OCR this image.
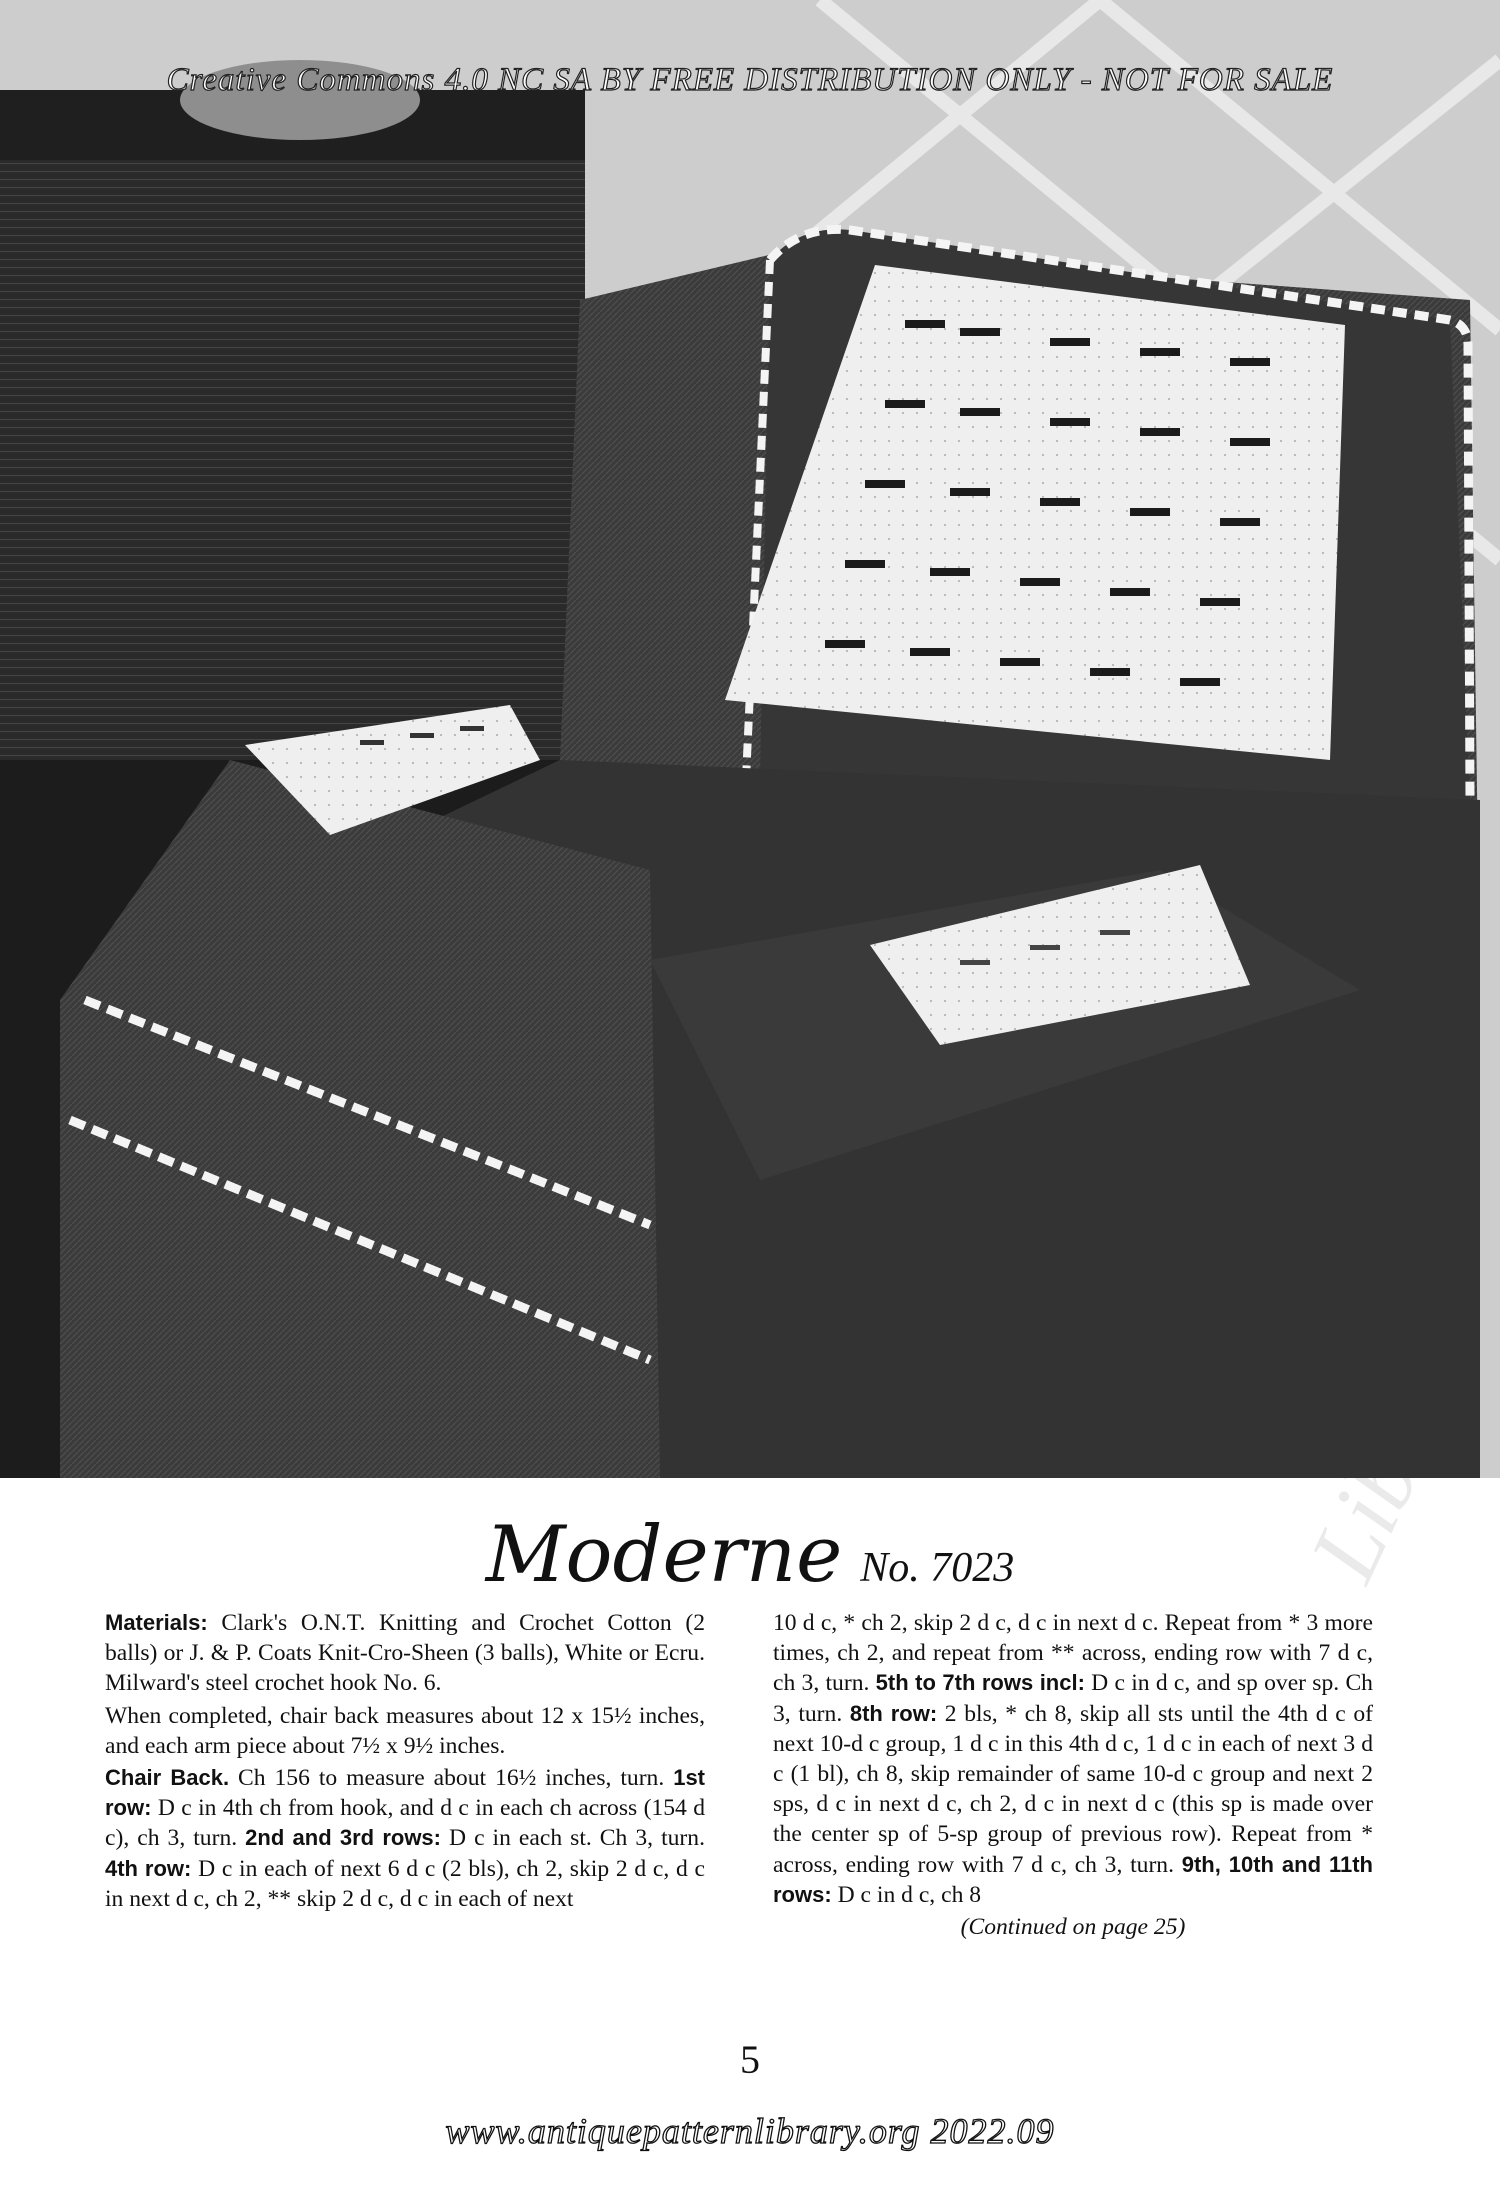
Creative Commons 4.0 NC SA BY FREE DISTRIBUTION ONLY - NOT FOR SALE
Moderne No. 7023

Materials: Clark's O.N.T. Knitting and Crochet Cotton (2 balls) or J. & P. Coats Knit-Cro-Sheen (3 balls), White or Ecru. Milward's steel crochet hook No. 6.

When completed, chair back measures about 12 x 15½ inches, and each arm piece about 7½ x 9½ inches.

Chair Back. Ch 156 to measure about 16½ inches, turn. 1st row: D c in 4th ch from hook, and d c in each ch across (154 d c), ch 3, turn. 2nd and 3rd rows: D c in each st. Ch 3, turn. 4th row: D c in each of next 6 d c (2 bls), ch 2, skip 2 d c, d c in next d c, ch 2, ** skip 2 d c, d c in each of next

10 d c, * ch 2, skip 2 d c, d c in next d c. Repeat from * 3 more times, ch 2, and repeat from ** across, ending row with 7 d c, ch 3, turn. 5th to 7th rows incl: D c in d c, and sp over sp. Ch 3, turn. 8th row: 2 bls, * ch 8, skip all sts until the 4th d c of next 10-d c group, 1 d c in this 4th d c, 1 d c in each of next 3 d c (1 bl), ch 8, skip remainder of same 10-d c group and next 2 sps, d c in next d c, ch 2, d c in next d c (this sp is made over the center sp of 5-sp group of previous row). Repeat from * across, ending row with 7 d c, ch 3, turn. 9th, 10th and 11th rows: D c in d c, ch 8

(Continued on page 25)
5
www.antiquepatternlibrary.org 2022.09
